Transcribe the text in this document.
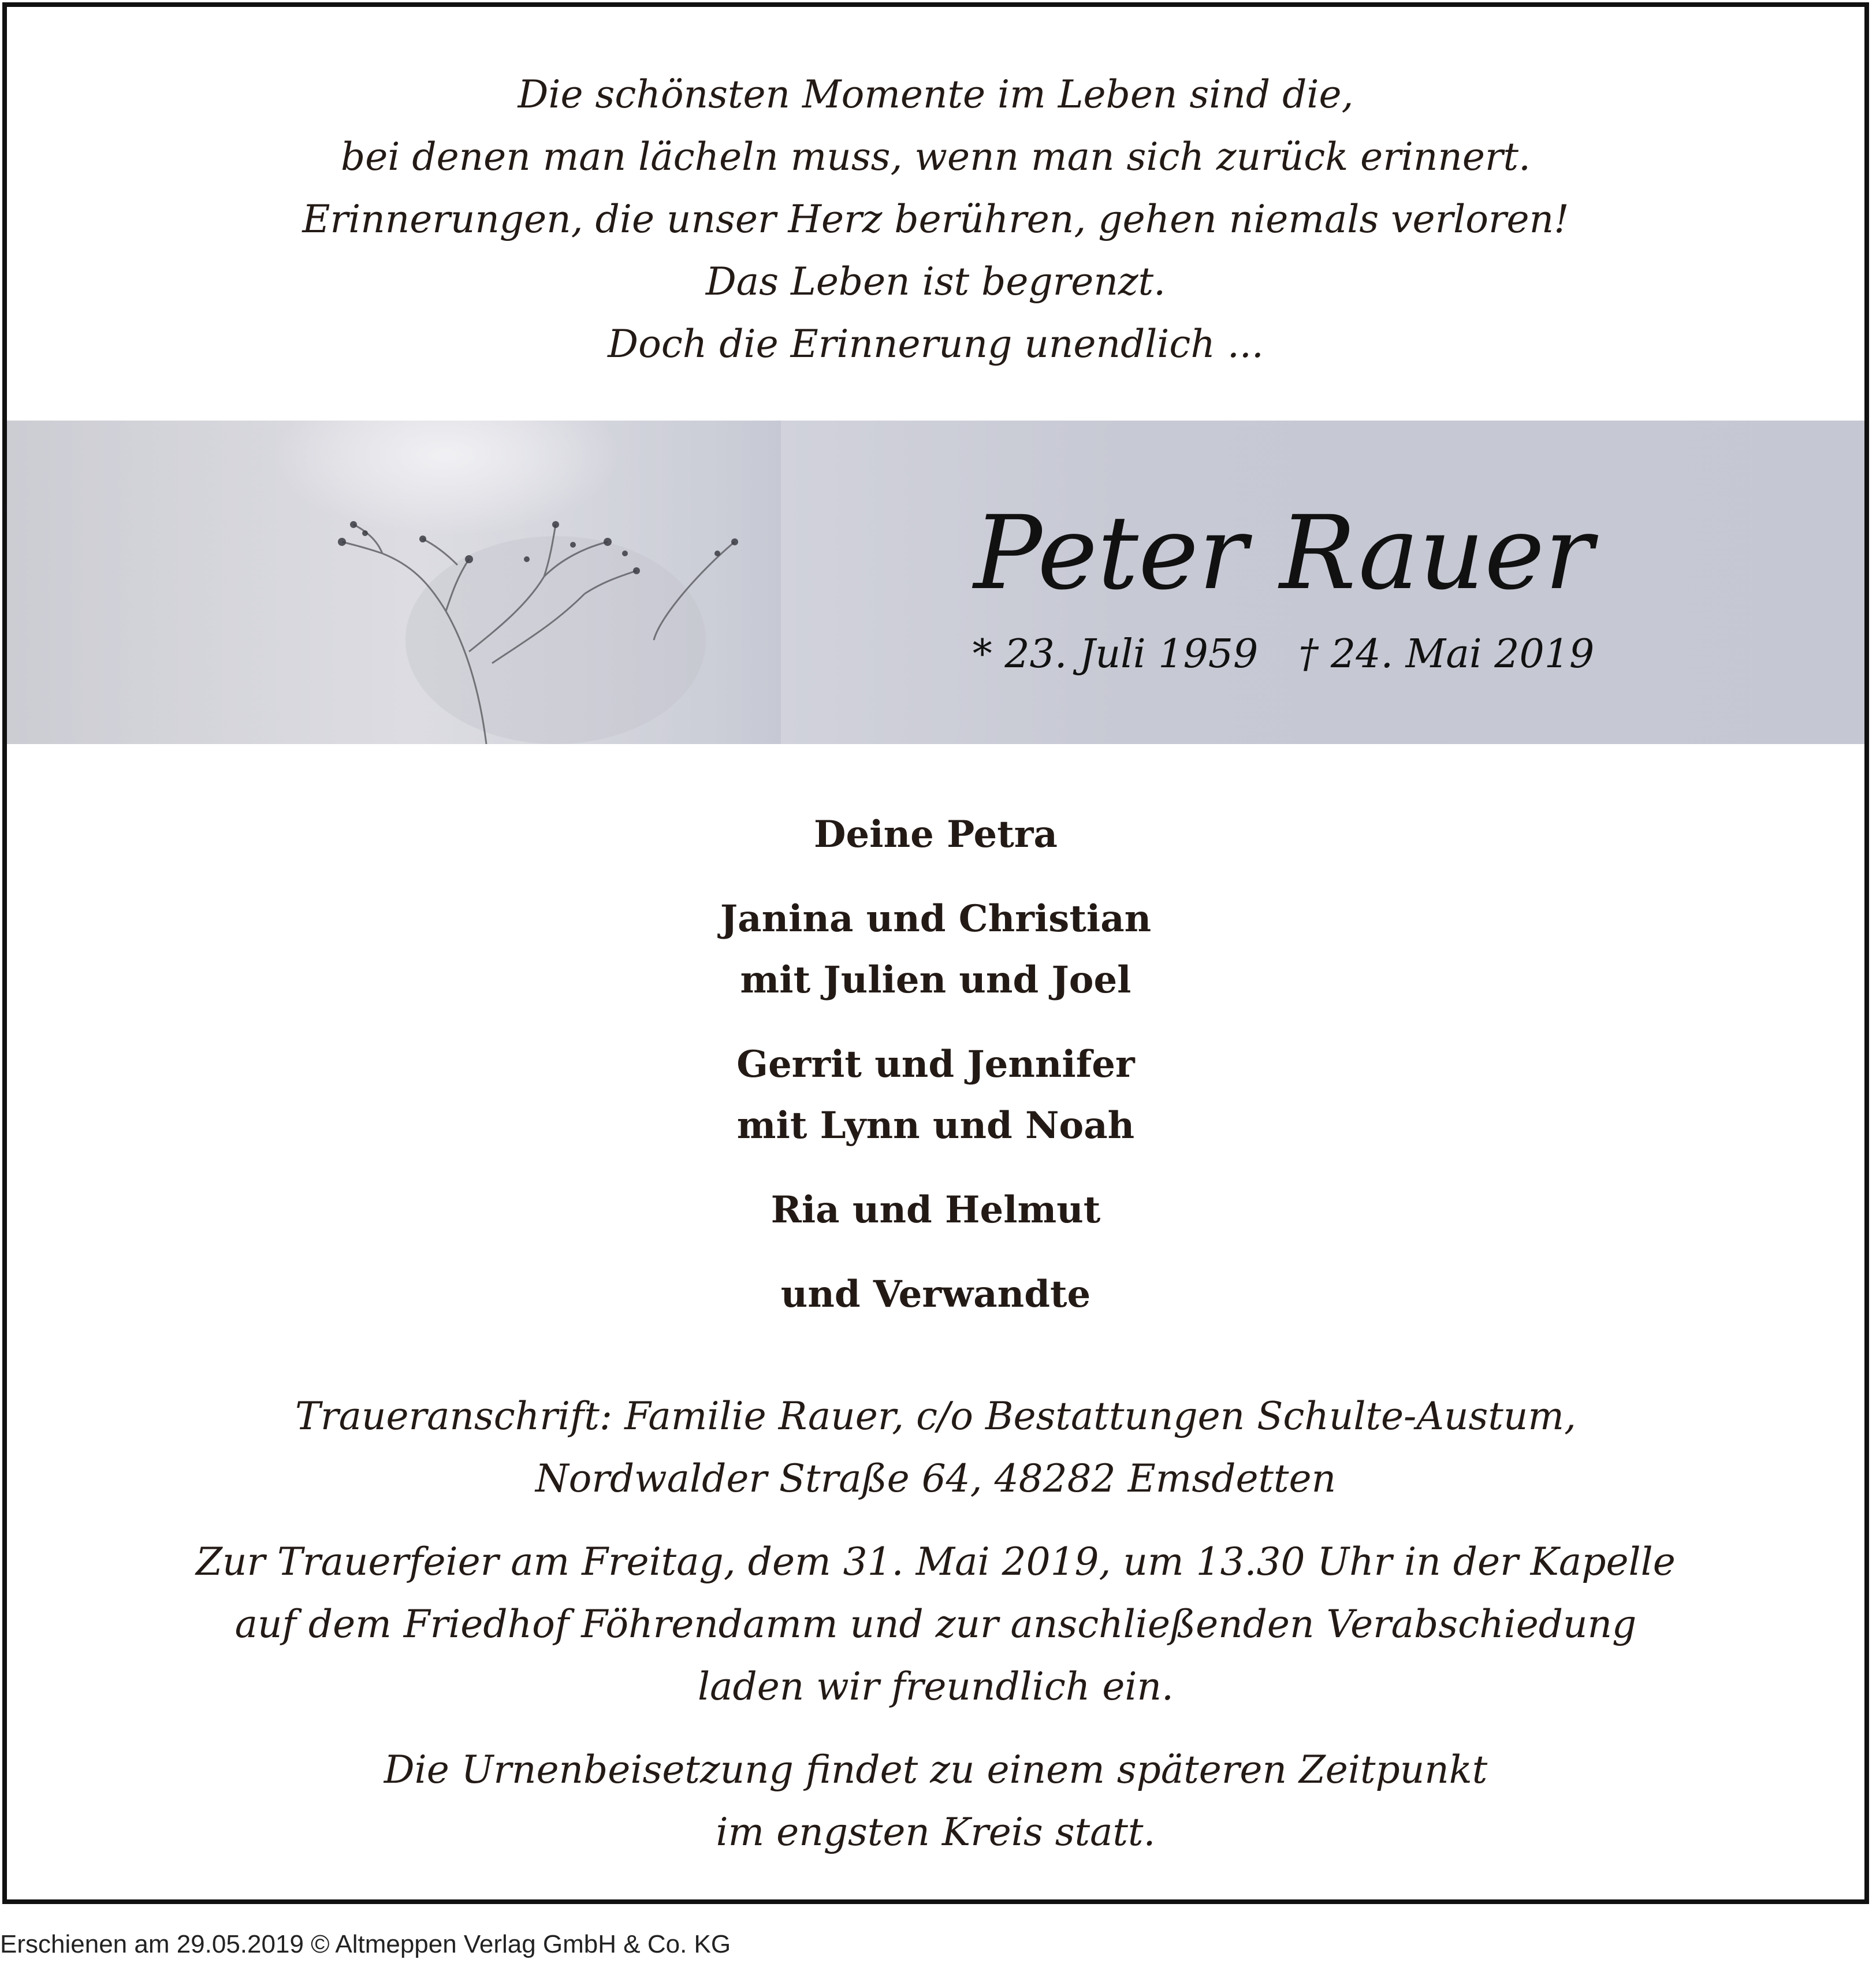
Die schönsten Momente im Leben sind die,
bei denen man lächeln muss, wenn man sich zurück erinnert.
Erinnerungen, die unser Herz berühren, gehen niemals verloren!
Das Leben ist begrenzt.
Doch die Erinnerung unendlich ...
Peter Rauer
* 23. Juli 1959 † 24. Mai 2019
Deine Petra
Janina und Christian
mit Julien und Joel
Gerrit und Jennifer
mit Lynn und Noah
Ria und Helmut
und Verwandte
Traueranschrift: Familie Rauer, c/o Bestattungen Schulte-Austum,
Nordwalder Straße 64, 48282 Emsdetten
Zur Trauerfeier am Freitag, dem 31. Mai 2019, um 13.30 Uhr in der Kapelle
auf dem Friedhof Föhrendamm und zur anschließenden Verabschiedung
laden wir freundlich ein.
Die Urnenbeisetzung findet zu einem späteren Zeitpunkt
im engsten Kreis statt.
Erschienen am 29.05.2019 © Altmeppen Verlag GmbH & Co. KG
